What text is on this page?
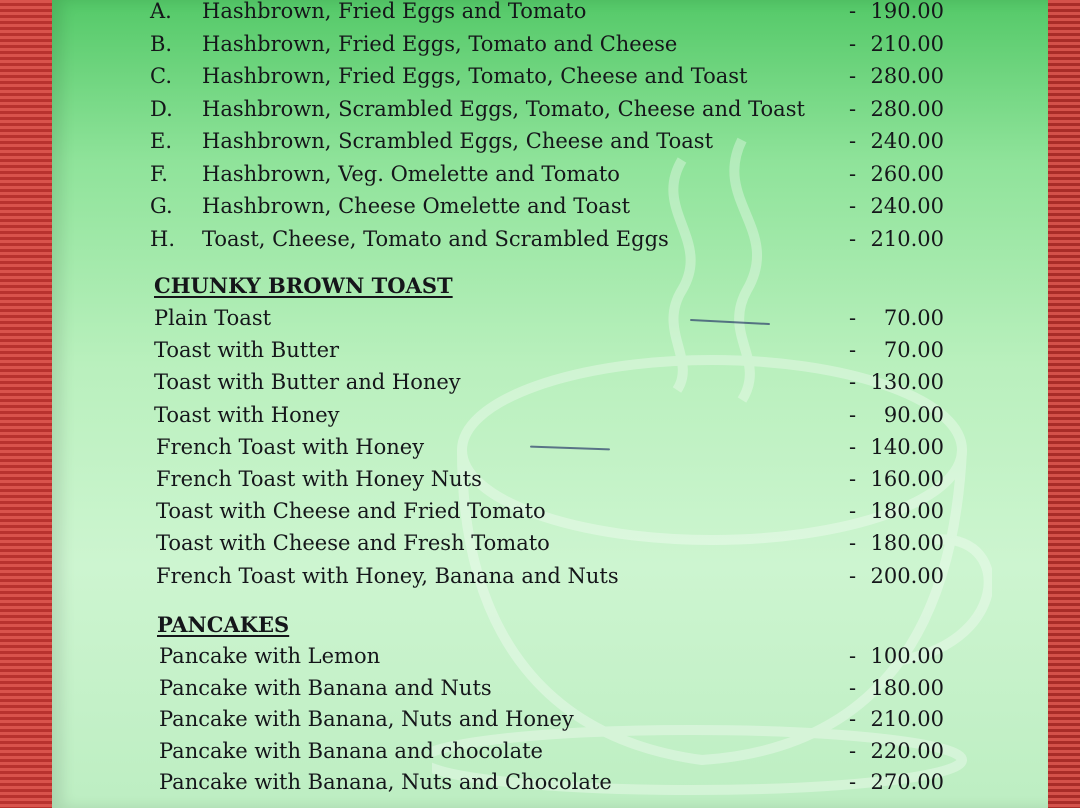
A. Hashbrown, Fried Eggs and Tomato	- 190.00
B. Hashbrown, Fried Eggs, Tomato and Cheese	- 210.00
C. Hashbrown, Fried Eggs, Tomato, Cheese and Toast	- 280.00
D. Hashbrown, Scrambled Eggs, Tomato, Cheese and Toast - 280.00
E. Hashbrown, Scrambled Eggs, Cheese and Toast	- 240.00
F. Hashbrown, Veg. Omelette and Tomato	- 260.00
G. Hashbrown, Cheese Omelette and Toast	- 240.00
H. Toast, Cheese, Tomato and Scrambled Eggs	- 210.00
CHUNKY BROWN TOAST
Plain Toast	- 70.00
Toast with Butter	- 70.00
Toast with Butter and Honey	- 130.00
Toast with Honey	- 90.00
French Toast with Honey	- 140.00
French Toast with Honey Nuts	- 160.00
Toast with Cheese and Fried Tomato	- 180.00
Toast with Cheese and Fresh Tomato	- 180.00
French Toast with Honey, Banana and Nuts	- 200.00
PANCAKES
Pancake with Lemon	- 100.00
Pancake with Banana and Nuts	- 180.00
Pancake with Banana, Nuts and Honey	- 210.00
Pancake with Banana and chocolate	- 220.00
Pancake with Banana, Nuts and Chocolate	- 270.00
